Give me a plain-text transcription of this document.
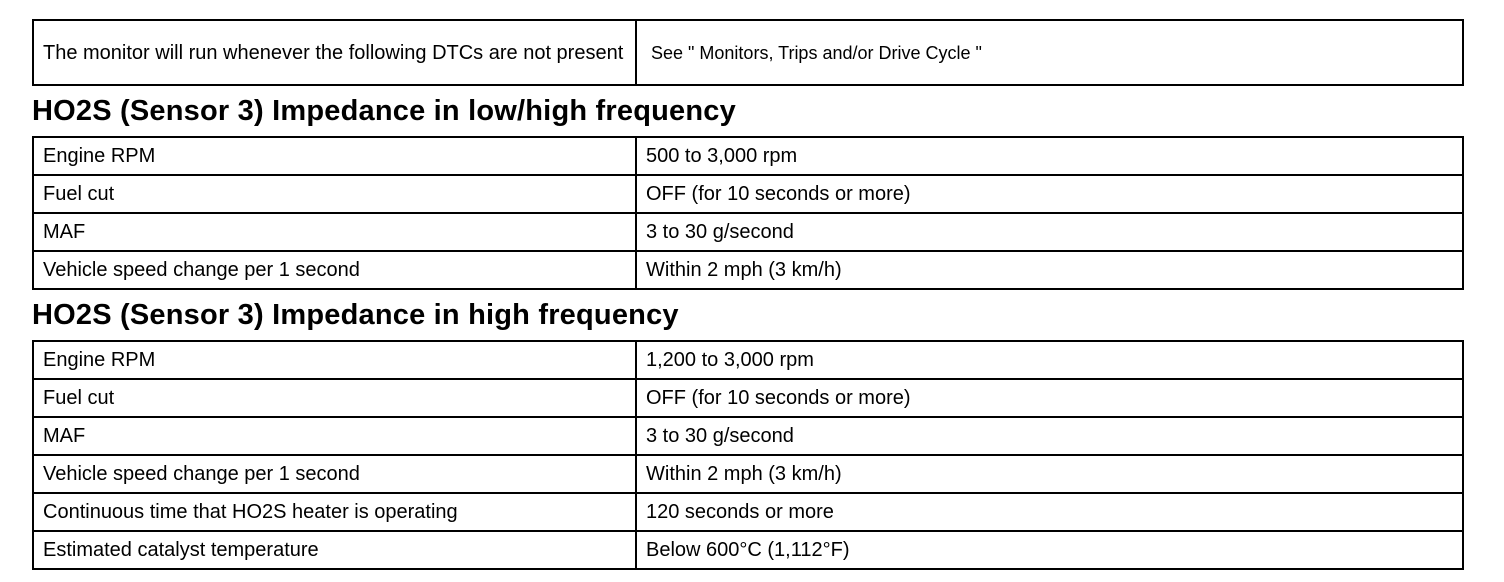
The monitor will run whenever the following DTCs are not present	See " Monitors, Trips and/or Drive Cycle "
HO2S (Sensor 3) Impedance in low/high frequency
Engine RPM	500 to 3,000 rpm
Fuel cut	OFF (for 10 seconds or more)
MAF	3 to 30 g/second
Vehicle speed change per 1 second	Within 2 mph (3 km/h)
HO2S (Sensor 3) Impedance in high frequency
Engine RPM	1,200 to 3,000 rpm
Fuel cut	OFF (for 10 seconds or more)
MAF	3 to 30 g/second
Vehicle speed change per 1 second	Within 2 mph (3 km/h)
Continuous time that HO2S heater is operating	120 seconds or more
Estimated catalyst temperature	Below 600°C (1,112°F)
